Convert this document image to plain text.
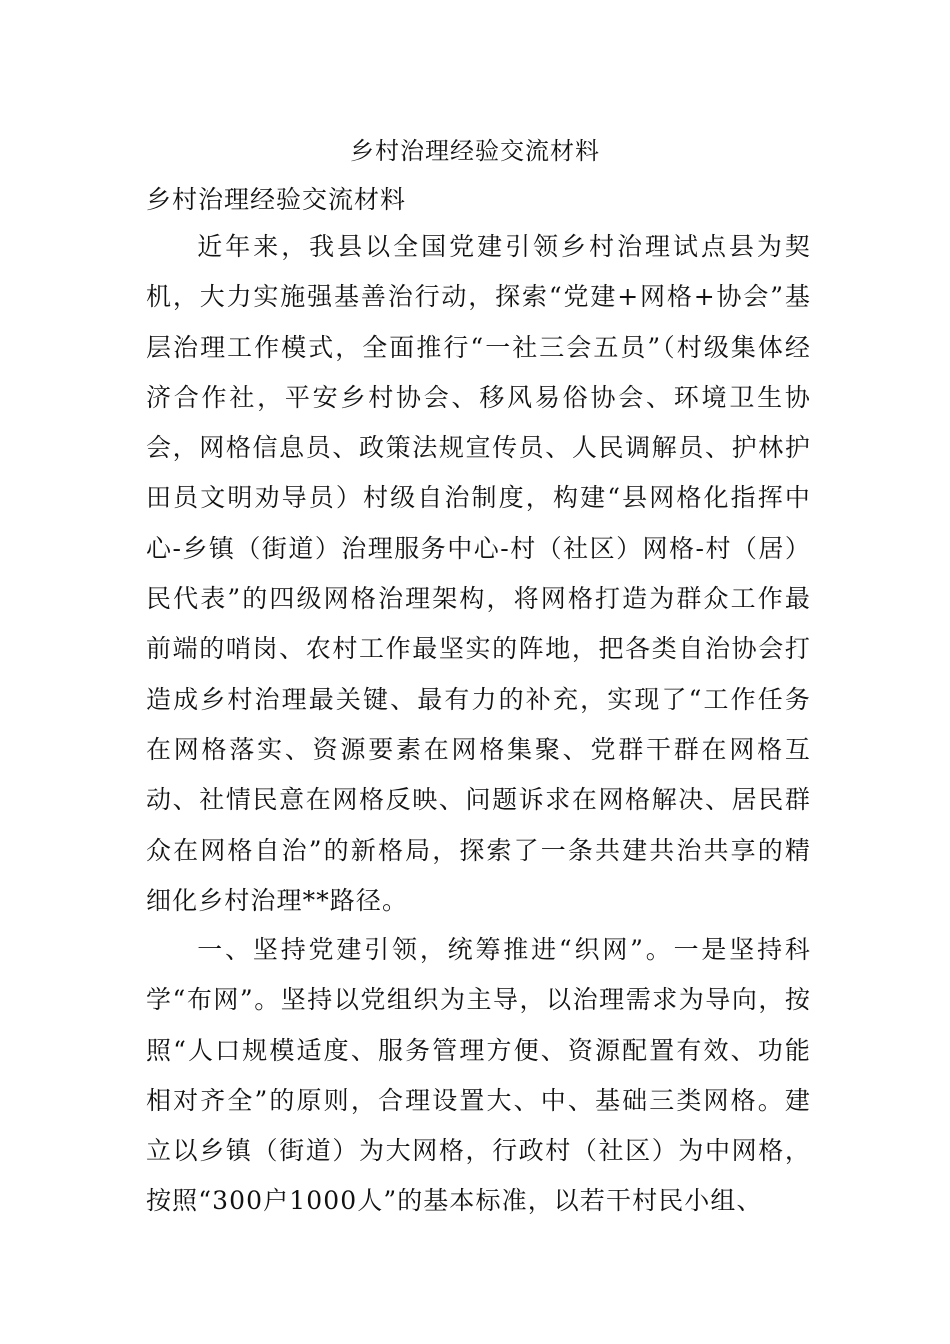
乡村治理经验交流材料
乡村治理经验交流材料

近年来，我县以全国党建引领乡村治理试点县为契机，大力实施强基善治行动，探索“党建+网格+协会”基层治理工作模式，全面推行“一社三会五员”（村级集体经济合作社，平安乡村协会、移风易俗协会、环境卫生协会，网格信息员、政策法规宣传员、人民调解员、护林护田员文明劝导员）村级自治制度，构建“县网格化指挥中心-乡镇（街道）治理服务中心-村（社区）网格-村（居）民代表”的四级网格治理架构，将网格打造为群众工作最前端的哨岗、农村工作最坚实的阵地，把各类自治协会打造成乡村治理最关键、最有力的补充，实现了“工作任务在网格落实、资源要素在网格集聚、党群干群在网格互动、社情民意在网格反映、问题诉求在网格解决、居民群众在网格自治”的新格局，探索了一条共建共治共享的精细化乡村治理**路径。

一、坚持党建引领，统筹推进“织网”。一是坚持科学“布网”。坚持以党组织为主导，以治理需求为导向，按照“人口规模适度、服务管理方便、资源配置有效、功能相对齐全”的原则，合理设置大、中、基础三类网格。建立以乡镇（街道）为大网格，行政村（社区）为中网格，按照“300户1000人”的基本标准，以若干村民小组、
